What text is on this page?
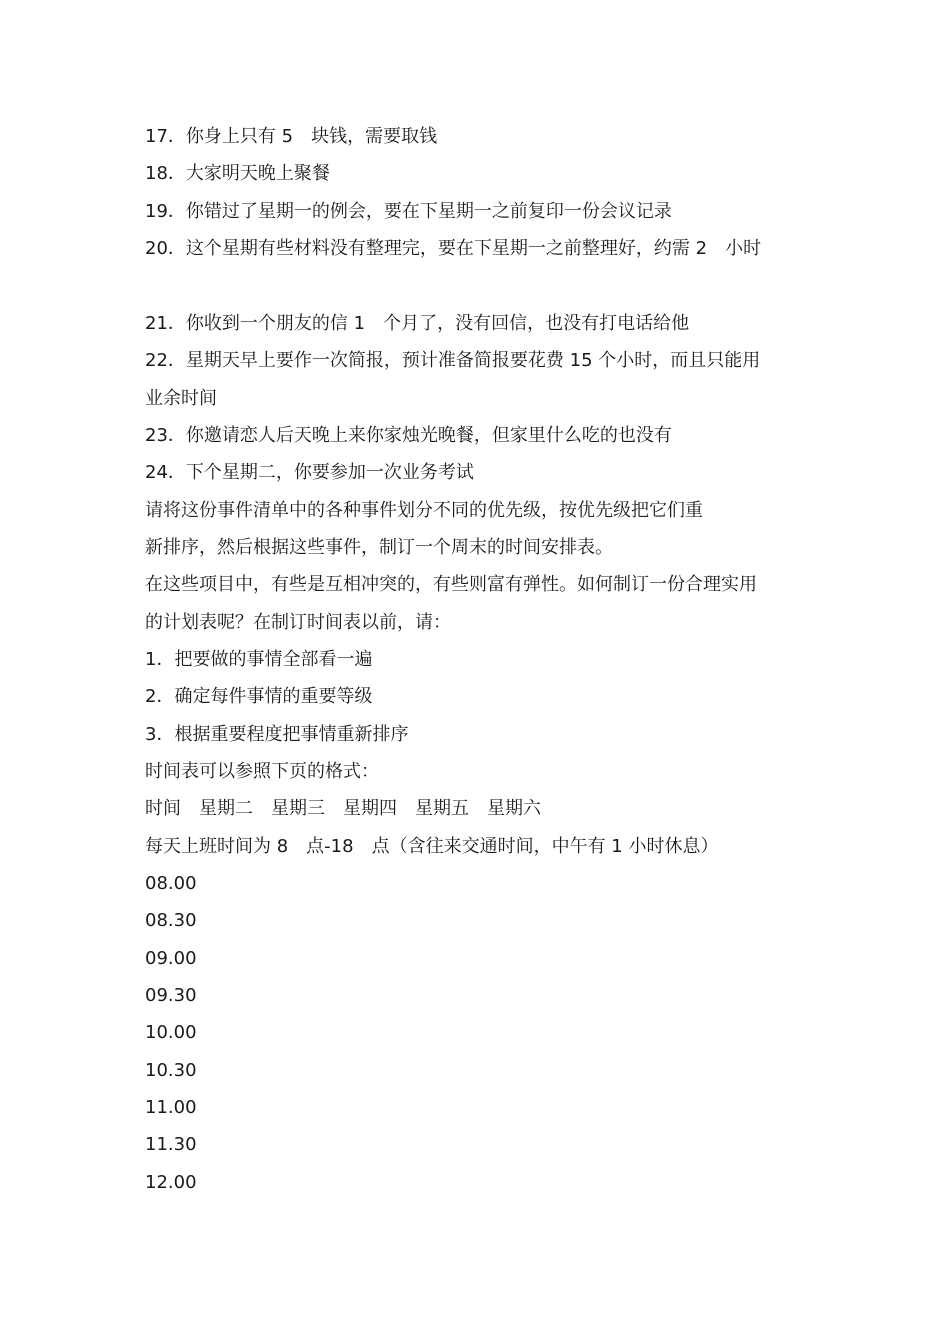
17．你身上只有 5　块钱，需要取钱
18．大家明天晚上聚餐
19．你错过了星期一的例会，要在下星期一之前复印一份会议记录
20．这个星期有些材料没有整理完，要在下星期一之前整理好，约需 2　小时
21．你收到一个朋友的信 1　个月了，没有回信，也没有打电话给他
22．星期天早上要作一次简报，预计准备简报要花费 15 个小时，而且只能用
业余时间
23．你邀请恋人后天晚上来你家烛光晚餐，但家里什么吃的也没有
24．下个星期二，你要参加一次业务考试
请将这份事件清单中的各种事件划分不同的优先级，按优先级把它们重
新排序，然后根据这些事件，制订一个周末的时间安排表。
在这些项目中，有些是互相冲突的，有些则富有弹性。如何制订一份合理实用
的计划表呢？在制订时间表以前，请：
1．把要做的事情全部看一遍
2．确定每件事情的重要等级
3．根据重要程度把事情重新排序
时间表可以参照下页的格式：
时间　星期二　星期三　星期四　星期五　星期六
每天上班时间为 8　点-18　点（含往来交通时间，中午有 1 小时休息）
08.00
08.30
09.00
09.30
10.00
10.30
11.00
11.30
12.00
